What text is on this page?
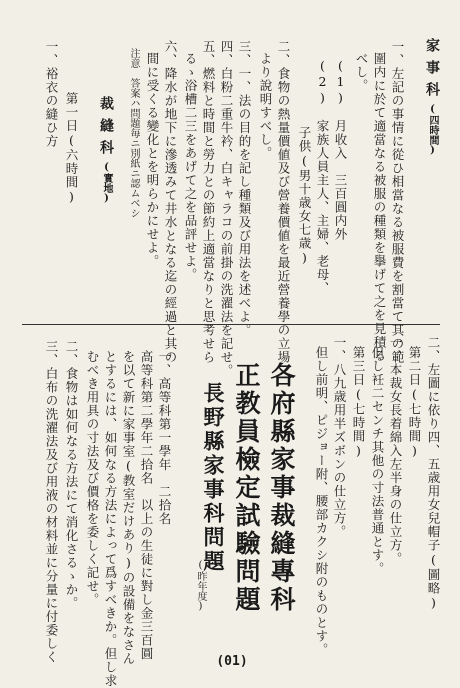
家事科(四時間)

一、左記の事情に從ひ相當なる被服費を割當て其の範

圍内に於て適當なる被服の種類を擧げて之を見積る

べし。

(1)　月收入　三百圓内外

(2)　家族人員主人、主婦、老母、

子供(男十歳女七歳)

二、食物の熱量價値及び營養價値を最近營養學の立場

より說明すべし。

三、一、法の目的を記し種類及び用法を述べよ。

四、白粉二重牛衿、白キャラコの前掛の洗濯法を記せ。

五、燃料と時間と勞力との節約上適當なりと思考せら

るゝ浴槽二三をあげて之を品評せよ。

六、降水が地下に滲透みて井水となる迄の經過と其の

間に受くる變化とを明らかにせよ。

注意　答案ハ問題毎ニ別紙ニ認ムベシ

裁縫科(實地)

第一日(六時間)

一、裕衣の縫ひ方

二、左圖に依り四、五歳用女兒帽子(圖略)

第二日(七時間)

一、本裁女長着綿入左半身の仕立方。

但し衽二センチ其他の寸法普通とす。

第三日(七時間)

一、八九歳用半ズボンの仕立方。

但し前明、ピジョー附、腰部カクシ附のものとす。

各府縣家事裁縫專科

正教員檢定試驗問題

長野縣家事科問題

(昨年度)

一、高等科第一學年　二拾名

高等科第二學年二拾名　以上の生徒に對し金三百圓

を以て新に家事室(教室だけあり)の設備をなさん

とするには、如何なる方法によって爲すべきか。但し求

むべき用具の寸法及び價格を委しく記せ。

二、食物は如何なる方法にて消化さるゝか。

三、白布の洗濯法及び用液の材料並に分量に付委しく	(01)
